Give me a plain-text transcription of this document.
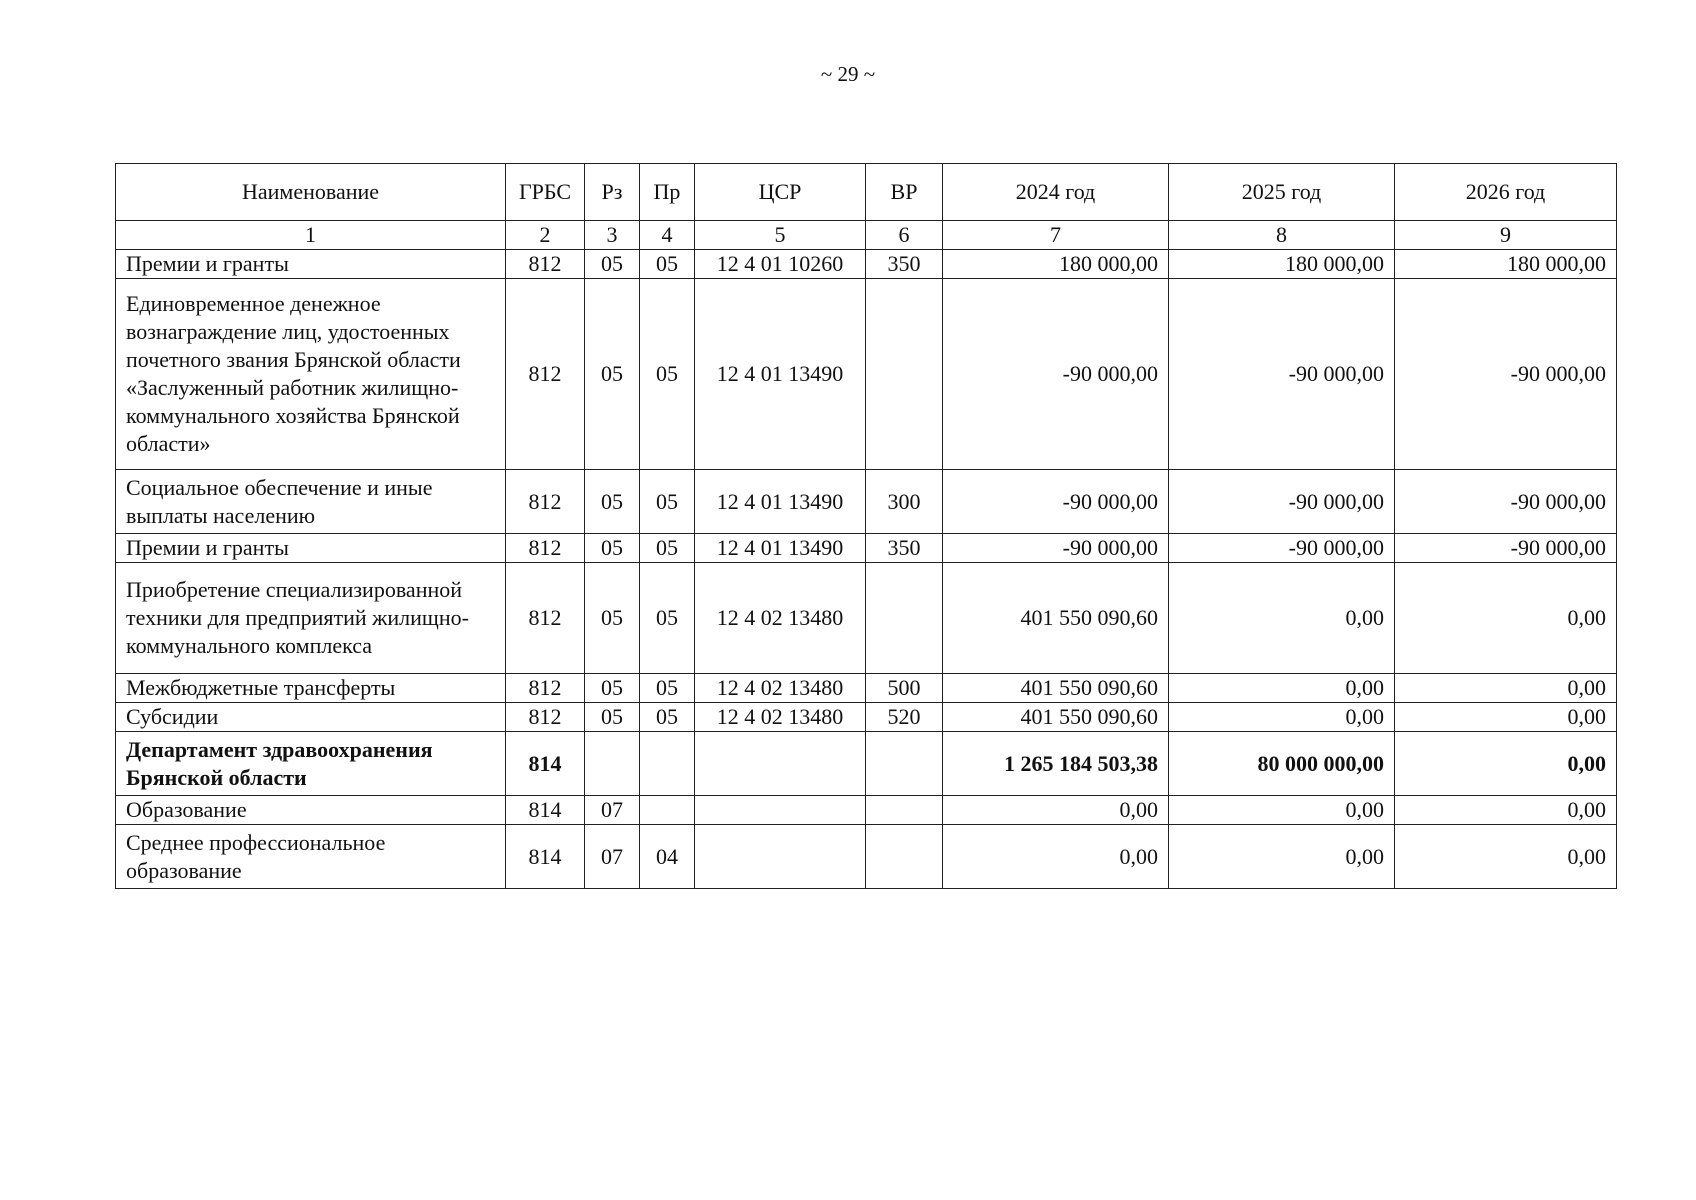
~ 29 ~
Наименование	ГРБС	Рз	Пр	ЦСР	ВР	2024 год	2025 год	2026 год
1	2	3	4	5	6	7	8	9
Премии и гранты	812	05	05	12 4 01 10260	350	180 000,00	180 000,00	180 000,00
Единовременное денежное вознаграждение лиц, удостоенных почетного звания Брянской области «Заслуженный работник жилищно-коммунального хозяйства Брянской области»	812	05	05	12 4 01 13490		-90 000,00	-90 000,00	-90 000,00
Социальное обеспечение и иные выплаты населению	812	05	05	12 4 01 13490	300	-90 000,00	-90 000,00	-90 000,00
Премии и гранты	812	05	05	12 4 01 13490	350	-90 000,00	-90 000,00	-90 000,00
Приобретение специализированной техники для предприятий жилищно-коммунального комплекса	812	05	05	12 4 02 13480		401 550 090,60	0,00	0,00
Межбюджетные трансферты	812	05	05	12 4 02 13480	500	401 550 090,60	0,00	0,00
Субсидии	812	05	05	12 4 02 13480	520	401 550 090,60	0,00	0,00
Департамент здравоохранения Брянской области	814					1 265 184 503,38	80 000 000,00	0,00
Образование	814	07				0,00	0,00	0,00
Среднее профессиональное образование	814	07	04			0,00	0,00	0,00
